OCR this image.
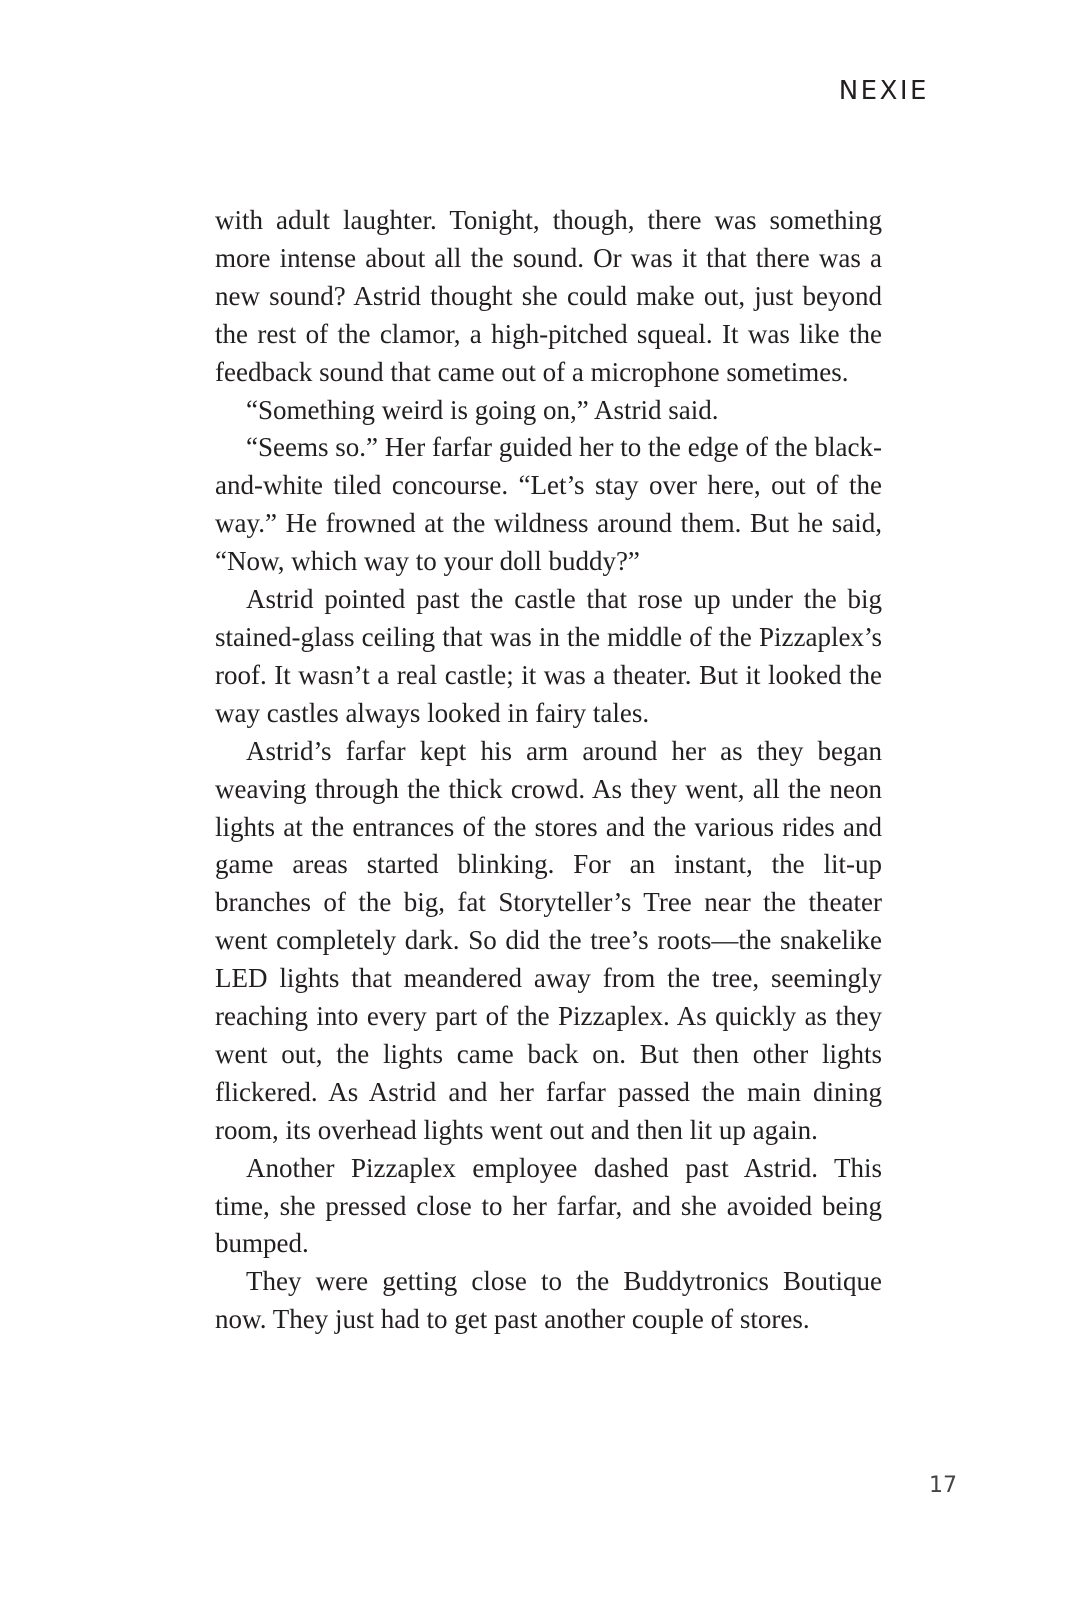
NEXIE

with adult laughter. Tonight, though, there was something more intense about all the sound. Or was it that there was a new sound? Astrid thought she could make out, just beyond the rest of the clamor, a high-pitched squeal. It was like the feedback sound that came out of a microphone sometimes.

“Something weird is going on,” Astrid said.

“Seems so.” Her farfar guided her to the edge of the black-and-white tiled concourse. “Let’s stay over here, out of the way.” He frowned at the wildness around them. But he said, “Now, which way to your doll buddy?”

Astrid pointed past the castle that rose up under the big stained-glass ceiling that was in the middle of the Pizzaplex’s roof. It wasn’t a real castle; it was a theater. But it looked the way castles always looked in fairy tales.

Astrid’s farfar kept his arm around her as they began weaving through the thick crowd. As they went, all the neon lights at the entrances of the stores and the various rides and game areas started blinking. For an instant, the lit-up branches of the big, fat Storyteller’s Tree near the theater went completely dark. So did the tree’s roots—the snakelike LED lights that meandered away from the tree, seemingly reaching into every part of the Pizzaplex. As quickly as they went out, the lights came back on. But then other lights flickered. As Astrid and her farfar passed the main dining room, its overhead lights went out and then lit up again.

Another Pizzaplex employee dashed past Astrid. This time, she pressed close to her farfar, and she avoided being bumped.

They were getting close to the Buddytronics Boutique now. They just had to get past another couple of stores.

17
